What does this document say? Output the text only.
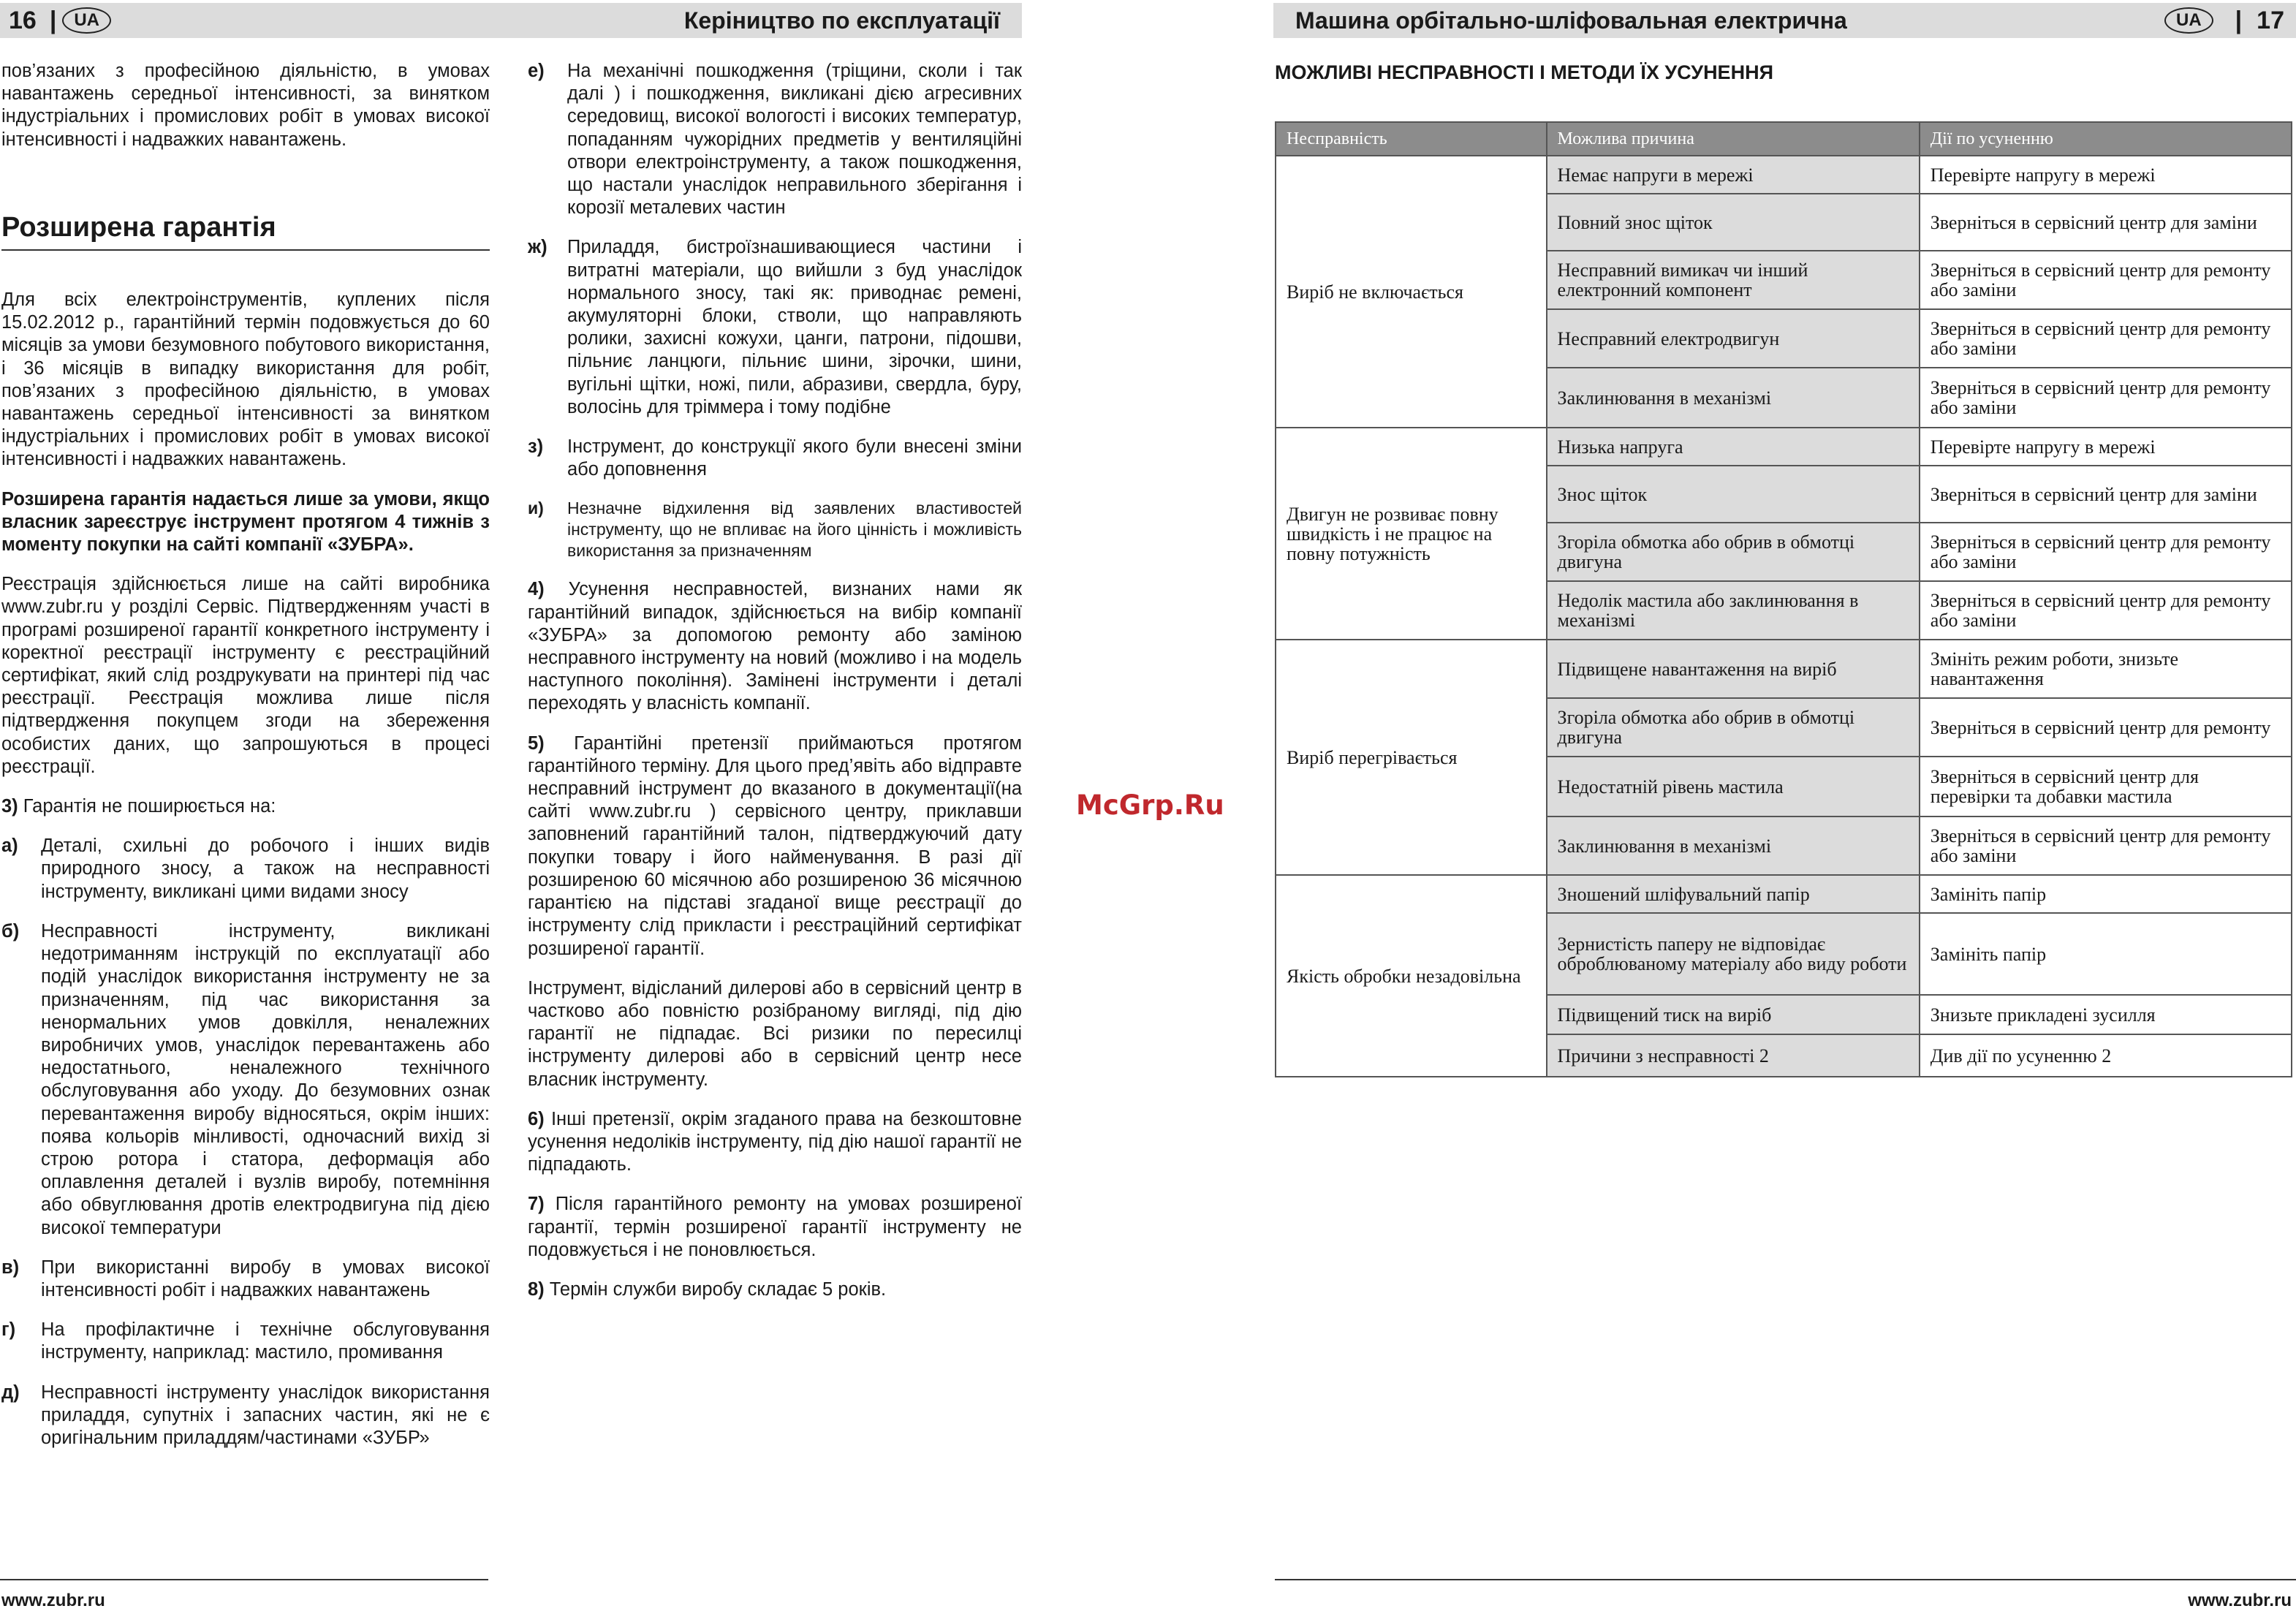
16 |	UA	Керіництво по експлуатації	Машина орбітально-шліфовальная електрична	UA	| 17

пов’язаних з професійною діяльністю, в умовах навантажень середньої інтенсивності, за винятком індустріальних і промислових робіт в умовах високої інтенсивності і надважких навантажень.

Розширена гарантія

Для всіх електроінструментів, куплених після 15.02.2012 р., гарантійний термін подовжується до 60 місяців за умови безумовного побутового використання, і 36 місяців в випадку використання для робіт, пов’язаних з професійною діяльністю, в умовах навантажень середньої інтенсивності за винятком індустріальних і промислових робіт в умовах високої інтенсивності і надважких навантажень.

Розширена гарантія надається лише за умови, якщо власник зареєструє інструмент протягом 4 тижнів з моменту покупки на сайті компанії «ЗУБРА».

Реєстрація здійснюється лише на сайті виробника www.zubr.ru у розділі Сервіс. Підтвердженням участі в програмі розширеної гарантії конкретного інструменту і коректної реєстрації інструменту є реєстраційний сертифікат, який слід роздрукувати на принтері під час реєстрації. Реєстрація можлива лише після підтвердження покупцем згоди на збереження особистих даних, що запрошуються в процесі реєстрації.

3) Гарантія не поширюється на:

а)	Деталі, схильні до робочого і інших видів природного зносу, а також на несправності інструменту, викликані цими видами зносу
б)	Несправності інструменту, викликані недотриманням інструкцій по експлуатації або подій унаслідок використання інструменту не за призначенням, під час використання за ненормальних умов довкілля, неналежних виробничих умов, унаслідок перевантажень або недостатнього, неналежного технічного обслуговування або уходу. До безумовних ознак перевантаження виробу відносяться, окрім інших: поява кольорів мінливості, одночасний вихід зі строю ротора і статора, деформація або оплавлення деталей і вузлів виробу, потемніння або обвуглювання дротів електродвигуна під дією високої температури
в)	При використанні виробу в умовах високої інтенсивності робіт і надважких навантажень
г)	На профілактичне і технічне обслуговування інструменту, наприклад: мастило, промивання
д)	Несправності інструменту унаслідок використання приладдя, супутніх і запасних частин, які не є оригінальним приладдям/частинами «ЗУБР»
е)	На механічні пошкодження (тріщини, сколи і так далі ) і пошкодження, викликані дією агресивних середовищ, високої вологості і високих температур, попаданням чужорідних предметів у вентиляційні отвори електроінструменту, а також пошкодження, що настали унаслідок неправильного зберігання і корозії металевих частин
ж)	Приладдя, бистроїзнашивающиеся частини і витратні матеріали, що вийшли з буд унаслідок нормального зносу, такі як: приводнає ремені, акумуляторні блоки, стволи, що направляють ролики, захисні кожухи, цанги, патрони, підошви, пільниє ланцюги, пільниє шини, зірочки, шини, вугільні щітки, ножі, пили, абразиви, свердла, буру, волосінь для тріммера і тому подібне
з)	Інструмент, до конструкції якого були внесені зміни або доповнення
и)	Незначне відхилення від заявлених властивостей інструменту, що не впливає на його цінність і можливість використання за призначенням

4) Усунення несправностей, визнаних нами як гарантійний випадок, здійснюється на вибір компанії «ЗУБРА» за допомогою ремонту або заміною несправного інструменту на новий (можливо і на модель наступного покоління). Замінені інструменти і деталі переходять у власність компанії.

5) Гарантійні претензії приймаються протягом гарантійного терміну. Для цього пред’явіть або відправте несправний інструмент до вказаного в документації(на сайті www.zubr.ru ) сервісного центру, приклавши заповнений гарантійний талон, підтверджуючий дату покупки товару і його найменування. В разі дії розширеною 60 місячною або розширеною 36 місячною гарантією на підставі згаданої вище реєстрації до інструменту слід прикласти і реєстраційний сертифікат розширеної гарантії.

Інструмент, відісланий дилерові або в сервісний центр в частково або повністю розібраному вигляді, під дію гарантії не підпадає. Всі ризики по пересилці інструменту дилерові або в сервісний центр несе власник інструменту.

6) Інші претензії, окрім згаданого права на безкоштовне усунення недоліків інструменту, під дію нашої гарантії не підпадають.

7) Після гарантійного ремонту на умовах розширеної гарантії, термін розширеної гарантії інструменту не подовжується і не поновлюється.

8) Термін служби виробу складає 5 років.

McGrp.Ru
МОЖЛИВІ НЕСПРАВНОСТІ І МЕТОДИ ЇХ УСУНЕННЯ
Несправність	Можлива причина	Дії по усуненню
Виріб не включається	Немає напруги в мережі	Перевірте напругу в мережі
	Повний знос щіток	Зверніться в сервісний центр для заміни
	Несправний вимикач чи інший електронний компонент	Зверніться в сервісний центр для ремонту або заміни
	Несправний електродвигун	Зверніться в сервісний центр для ремонту або заміни
	Заклинювання в механізмі	Зверніться в сервісний центр для ремонту або заміни
Двигун не розвиває повну швидкість і не працює на повну потужність	Низька напруга	Перевірте напругу в мережі
	Знос щіток	Зверніться в сервісний центр для заміни
	Згоріла обмотка або обрив в обмотці двигуна	Зверніться в сервісний центр для ремонту або заміни
	Недолік мастила або заклинювання в механізмі	Зверніться в сервісний центр для ремонту або заміни
Виріб перегрівається	Підвищене навантаження на виріб	Змініть режим роботи, знизьте навантаження
	Згоріла обмотка або обрив в обмотці двигуна	Зверніться в сервісний центр для ремонту
	Недостатній рівень мастила	Зверніться в сервісний центр для перевірки та добавки мастила
	Заклинювання в механізмі	Зверніться в сервісний центр для ремонту або заміни
Якість обробки незадовільна	Зношений шліфувальний папір	Замініть папір
	Зернистість паперу не відповідає оброблюваному матеріалу або виду роботи	Замініть папір
	Підвищений тиск на виріб	Знизьте прикладені зусилля
	Причини з несправності 2	Див дії по усуненню 2
www.zubr.ru	www.zubr.ru
